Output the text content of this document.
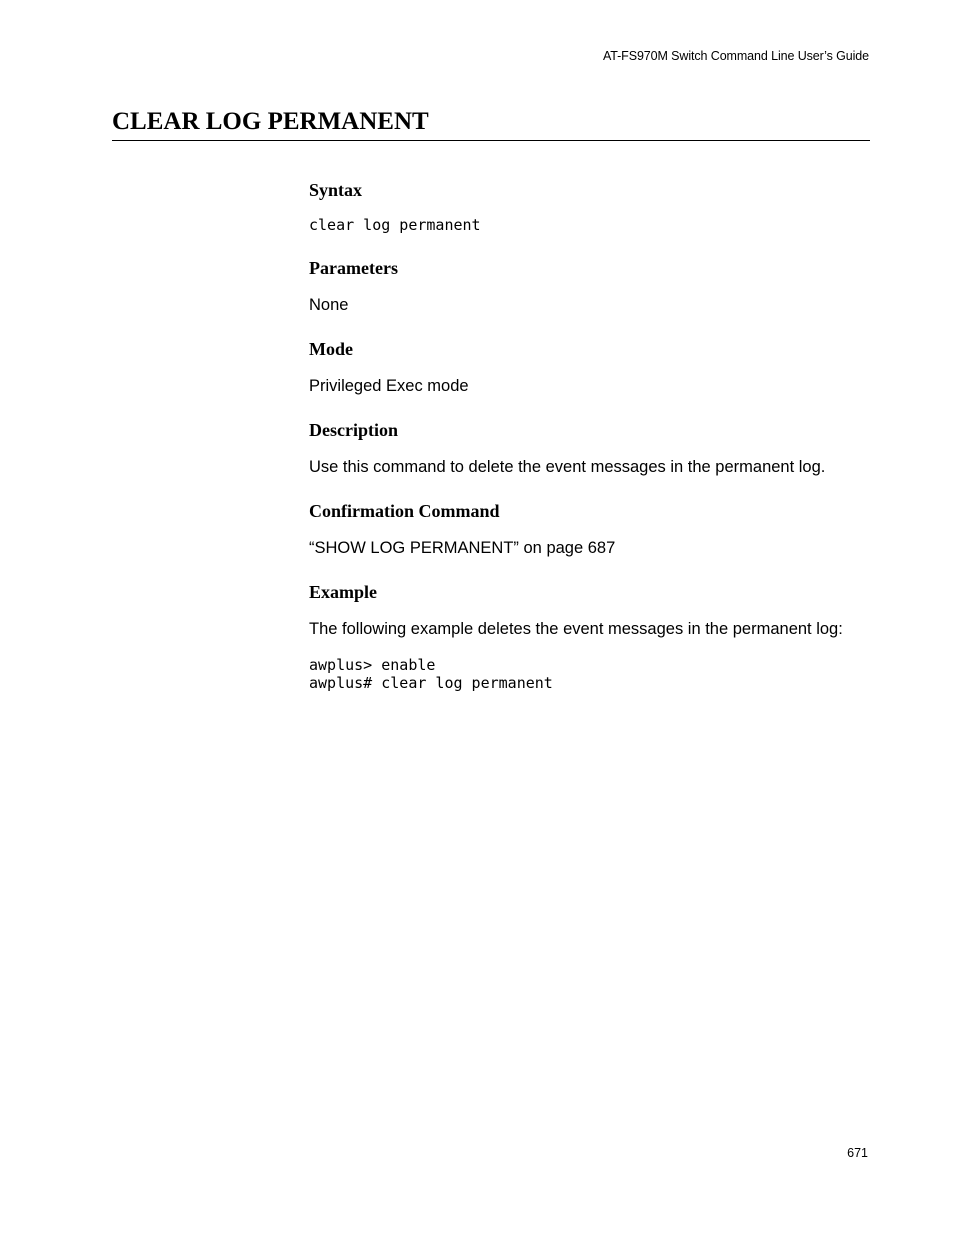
AT-FS970M Switch Command Line User’s Guide
CLEAR LOG PERMANENT
Syntax
clear log permanent
Parameters

None

Mode

Privileged Exec mode

Description

Use this command to delete the event messages in the permanent log.

Confirmation Command

“SHOW LOG PERMANENT” on page 687

Example

The following example deletes the event messages in the permanent log:

awplus> enable
awplus# clear log permanent
671
